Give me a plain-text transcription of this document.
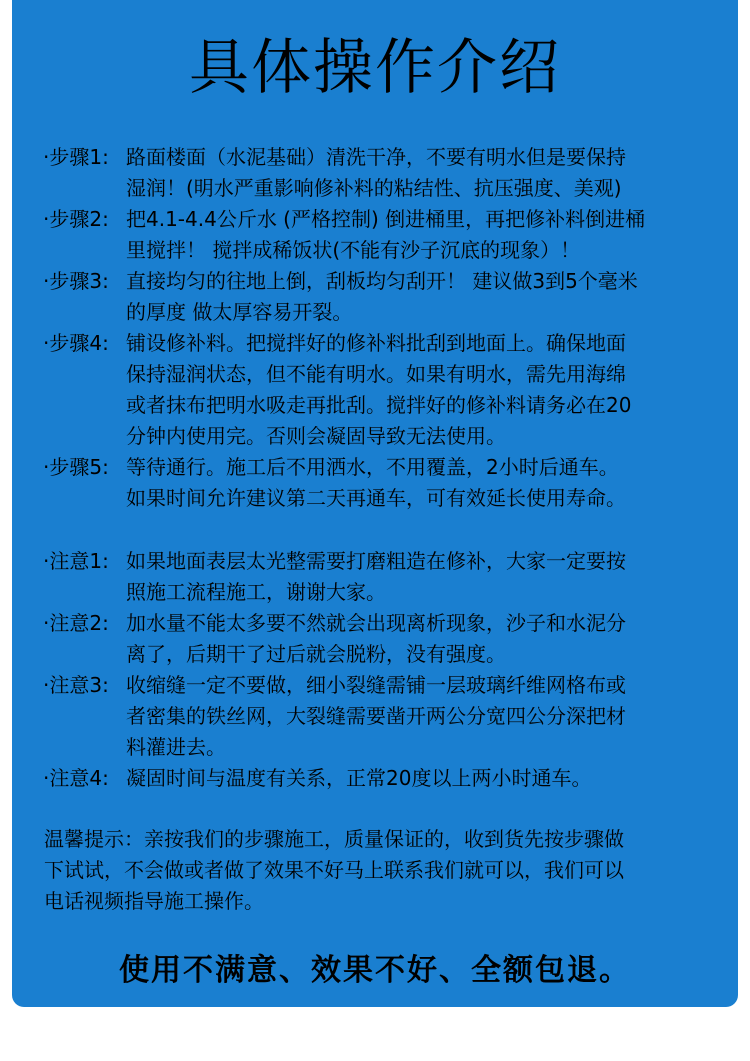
具体操作介绍
·步骤1: 路面楼面（水泥基础）清洗干净，不要有明水但是要保持
湿润！(明水严重影响修补料的粘结性、抗压强度、美观)
·步骤2: 把4.1-4.4公斤水 (严格控制) 倒进桶里，再把修补料倒进桶
里搅拌！ 搅拌成稀饭状(不能有沙子沉底的现象）！
·步骤3: 直接均匀的往地上倒，刮板均匀刮开！ 建议做3到5个毫米
的厚度 做太厚容易开裂。
·步骤4: 铺设修补料。把搅拌好的修补料批刮到地面上。确保地面
保持湿润状态，但不能有明水。如果有明水，需先用海绵
或者抹布把明水吸走再批刮。搅拌好的修补料请务必在20
分钟内使用完。否则会凝固导致无法使用。
·步骤5: 等待通行。施工后不用洒水，不用覆盖，2小时后通车。
如果时间允许建议第二天再通车，可有效延长使用寿命。
·注意1: 如果地面表层太光整需要打磨粗造在修补，大家一定要按
照施工流程施工，谢谢大家。
·注意2: 加水量不能太多要不然就会出现离析现象，沙子和水泥分
离了，后期干了过后就会脱粉，没有强度。
·注意3: 收缩缝一定不要做，细小裂缝需铺一层玻璃纤维网格布或
者密集的铁丝网，大裂缝需要凿开两公分宽四公分深把材
料灌进去。
·注意4: 凝固时间与温度有关系，正常20度以上两小时通车。
温馨提示：亲按我们的步骤施工，质量保证的，收到货先按步骤做
下试试，不会做或者做了效果不好马上联系我们就可以，我们可以
电话视频指导施工操作。
使用不满意、效果不好、全额包退。
